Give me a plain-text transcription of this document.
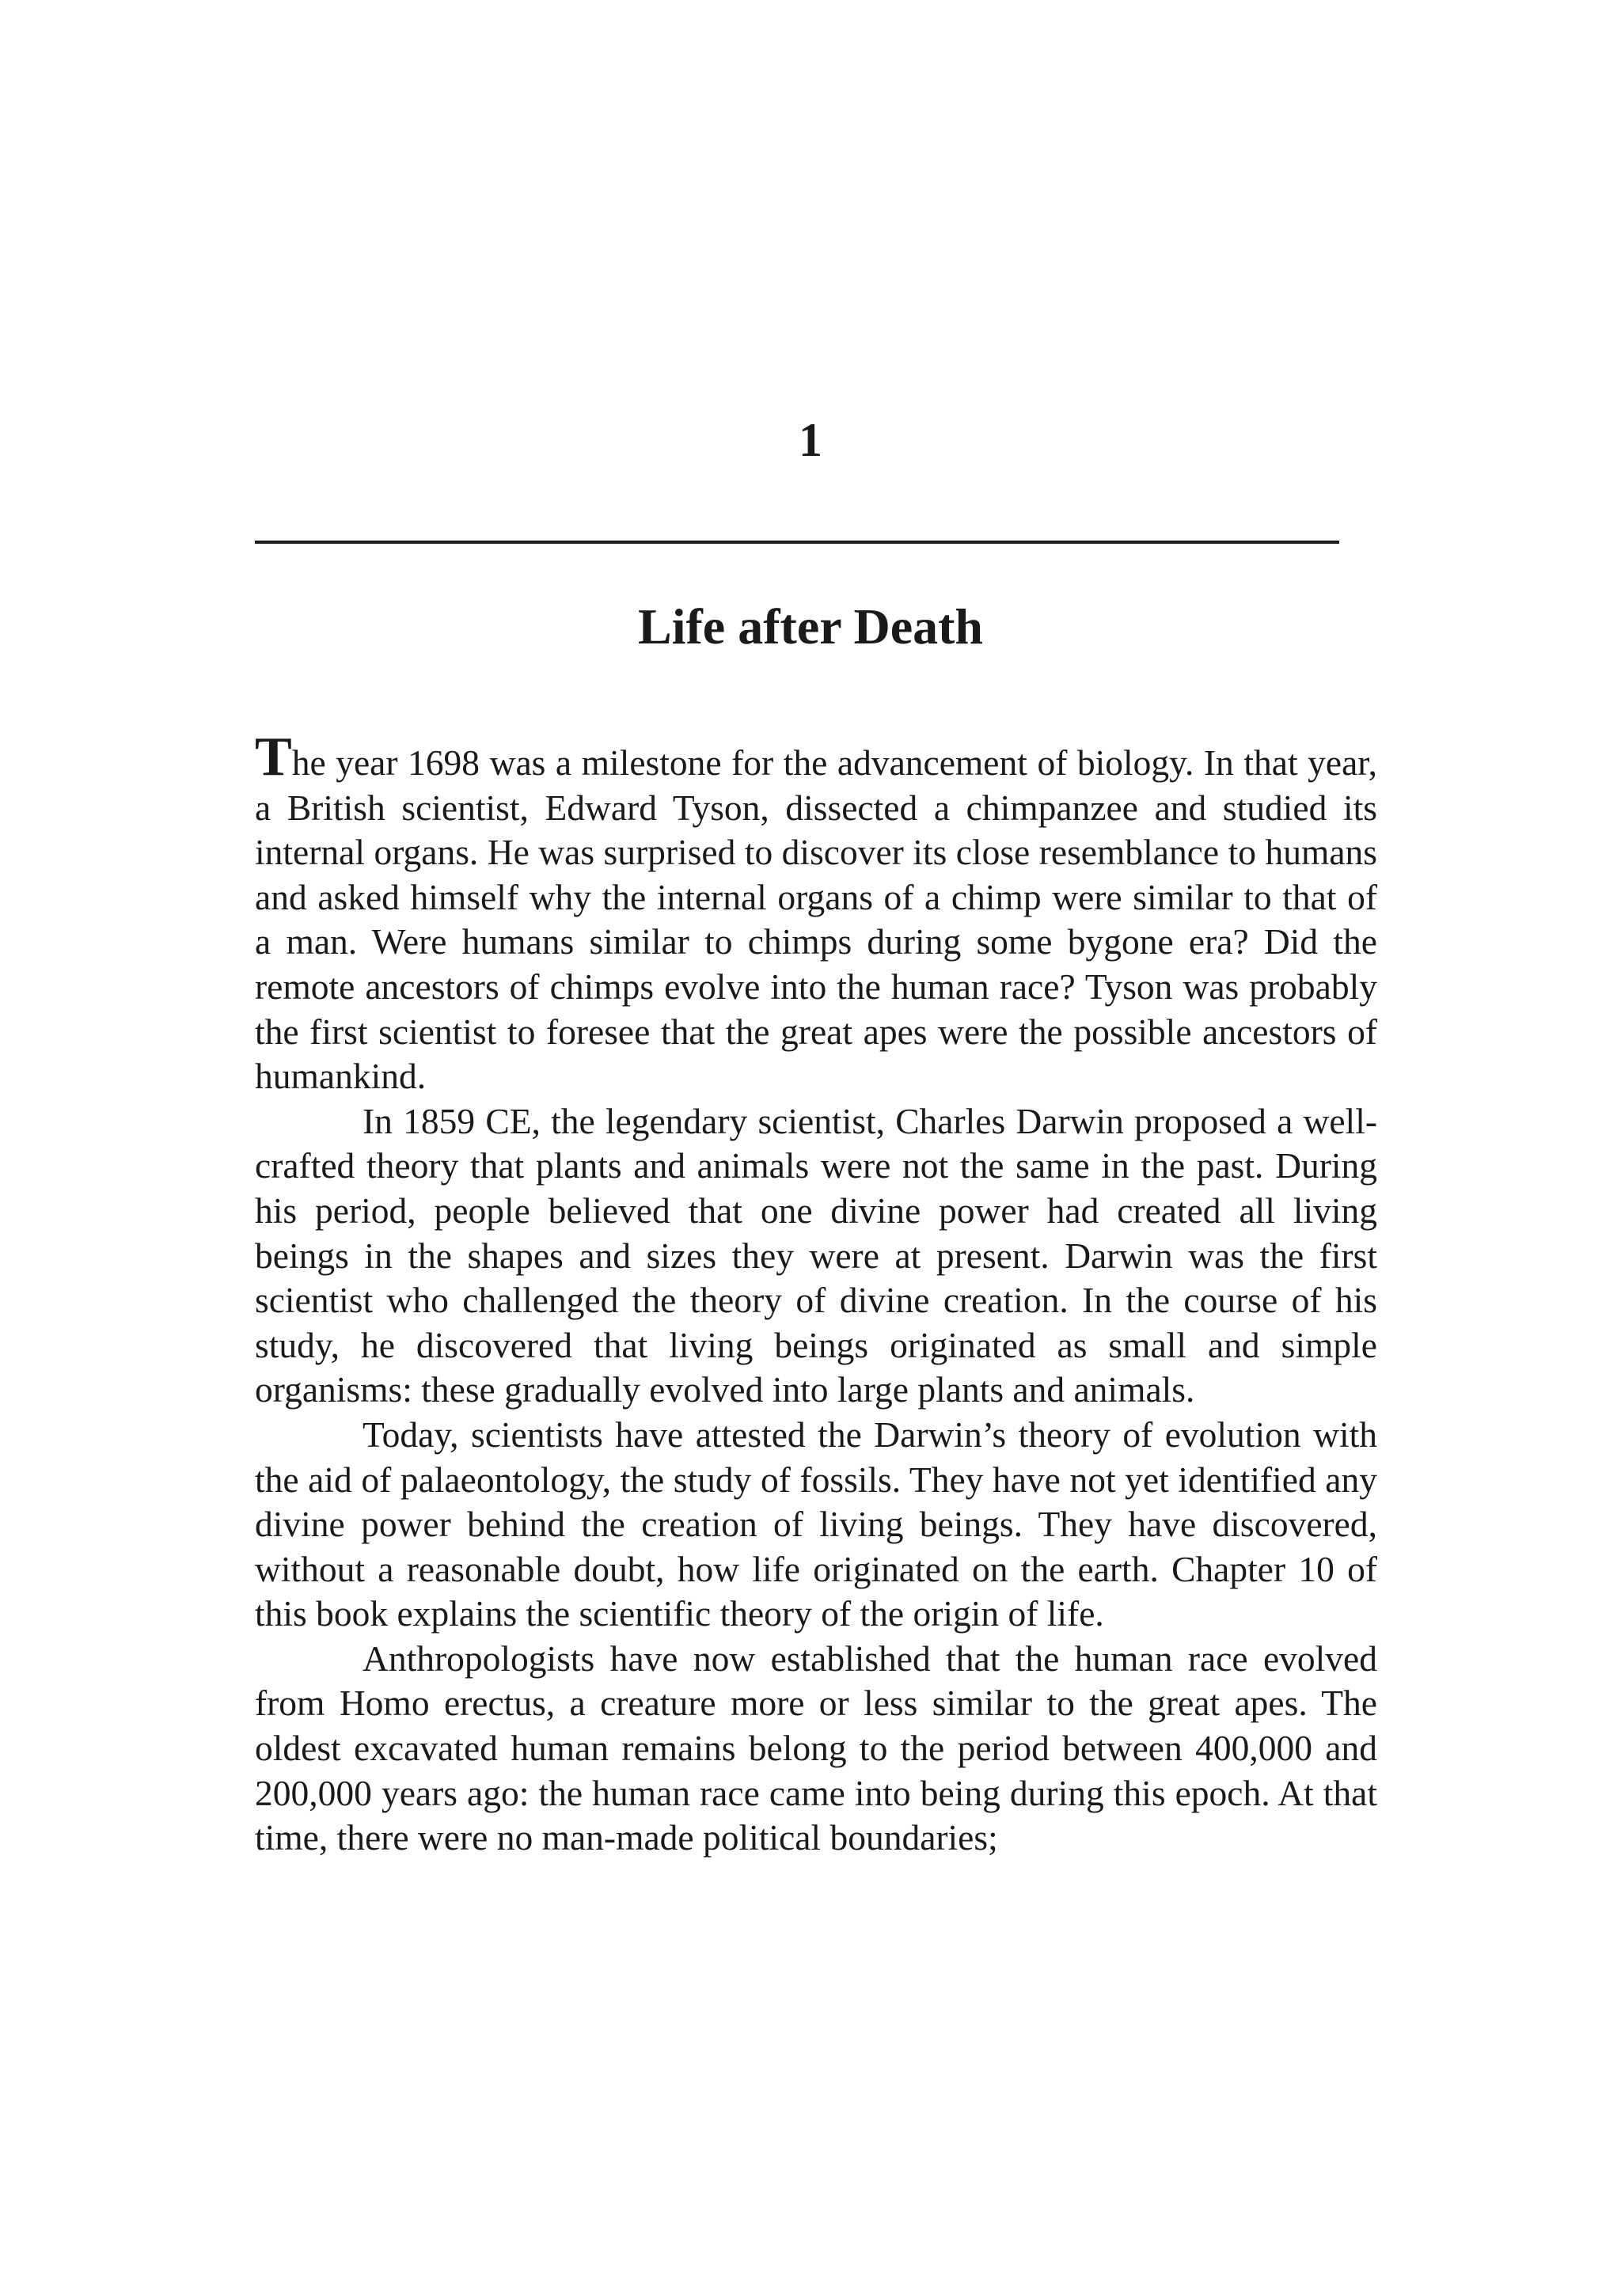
1
Life after Death

The year 1698 was a milestone for the advancement of biology. In that year, a British scientist, Edward Tyson, dissected a chimpanzee and studied its internal organs. He was surprised to discover its close resemblance to humans and asked himself why the internal organs of a chimp were similar to that of a man. Were humans similar to chimps during some bygone era? Did the remote ancestors of chimps evolve into the human race? Tyson was probably the first scientist to foresee that the great apes were the possible ancestors of humankind.

In 1859 CE, the legendary scientist, Charles Darwin proposed a well-crafted theory that plants and animals were not the same in the past. During his period, people believed that one divine power had created all living beings in the shapes and sizes they were at present. Darwin was the first scientist who challenged the theory of divine creation. In the course of his study, he discovered that living beings originated as small and simple organisms: these gradually evolved into large plants and animals.

Today, scientists have attested the Darwin’s theory of evolution with the aid of palaeontology, the study of fossils. They have not yet identified any divine power behind the creation of living beings. They have discovered, without a reasonable doubt, how life originated on the earth. Chapter 10 of this book explains the scientific theory of the origin of life.

Anthropologists have now established that the human race evolved from Homo erectus, a creature more or less similar to the great apes. The oldest excavated human remains belong to the period between 400,000 and 200,000 years ago: the human race came into being during this epoch. At that time, there were no man-made political boundaries;
